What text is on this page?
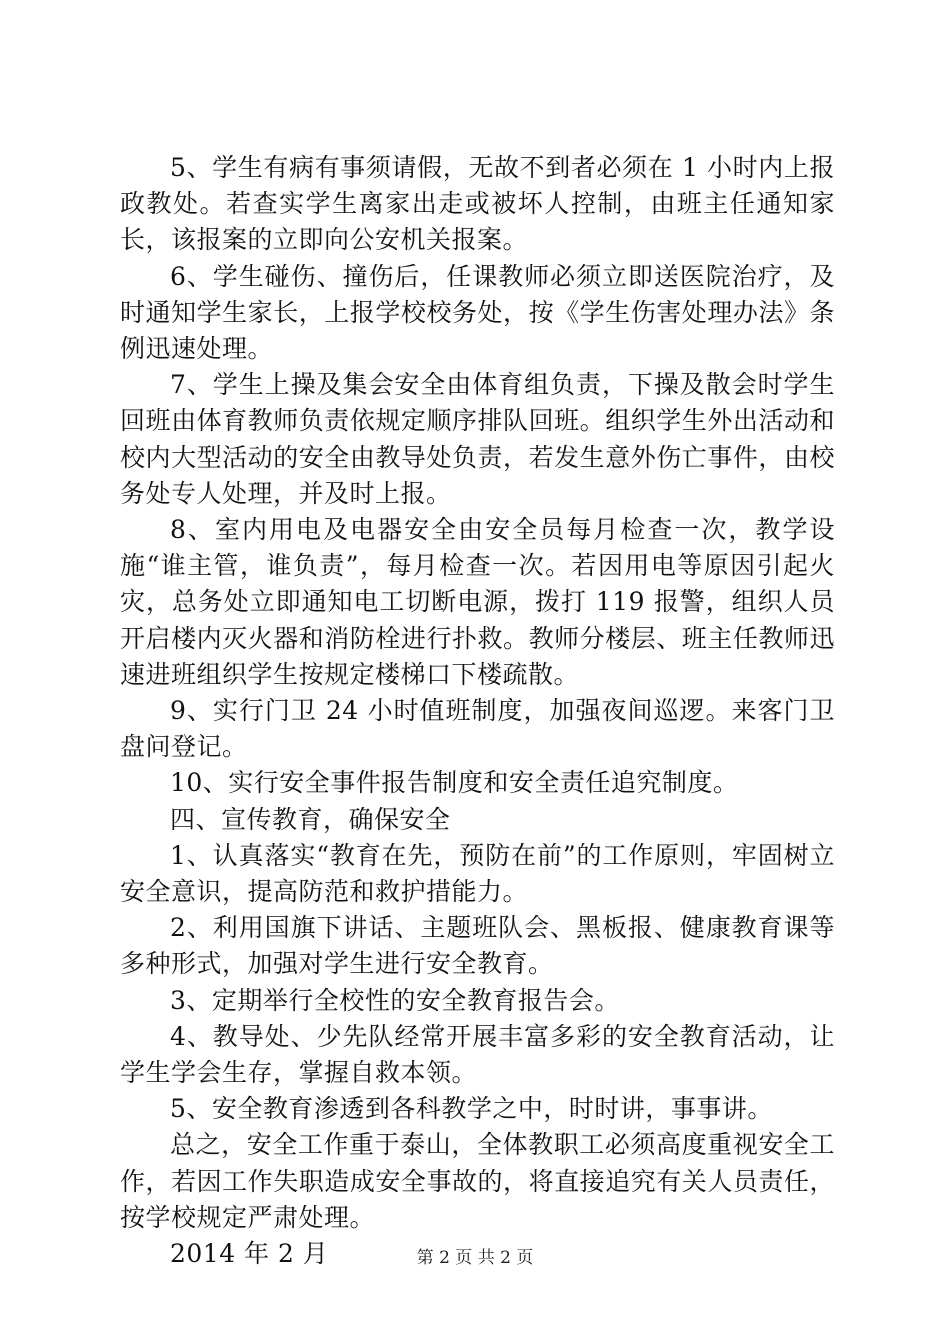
5、学生有病有事须请假，无故不到者必须在 1 小时内上报政教处。若查实学生离家出走或被坏人控制，由班主任通知家长，该报案的立即向公安机关报案。

6、学生碰伤、撞伤后，任课教师必须立即送医院治疗，及时通知学生家长，上报学校校务处，按《学生伤害处理办法》条例迅速处理。

7、学生上操及集会安全由体育组负责，下操及散会时学生回班由体育教师负责依规定顺序排队回班。组织学生外出活动和校内大型活动的安全由教导处负责，若发生意外伤亡事件，由校务处专人处理，并及时上报。

8、室内用电及电器安全由安全员每月检查一次，教学设施“谁主管，谁负责”，每月检查一次。若因用电等原因引起火灾，总务处立即通知电工切断电源，拨打 119 报警，组织人员开启楼内灭火器和消防栓进行扑救。教师分楼层、班主任教师迅速进班组织学生按规定楼梯口下楼疏散。

9、实行门卫 24 小时值班制度，加强夜间巡逻。来客门卫盘问登记。

10、实行安全事件报告制度和安全责任追究制度。

四、宣传教育，确保安全

1、认真落实“教育在先，预防在前”的工作原则，牢固树立安全意识，提高防范和救护措能力。

2、利用国旗下讲话、主题班队会、黑板报、健康教育课等多种形式，加强对学生进行安全教育。

3、定期举行全校性的安全教育报告会。

4、教导处、少先队经常开展丰富多彩的安全教育活动，让学生学会生存，掌握自救本领。

5、安全教育渗透到各科教学之中，时时讲，事事讲。

总之，安全工作重于泰山，全体教职工必须高度重视安全工作，若因工作失职造成安全事故的，将直接追究有关人员责任，按学校规定严肃处理。

2014 年 2 月	第 2 页 共 2 页
